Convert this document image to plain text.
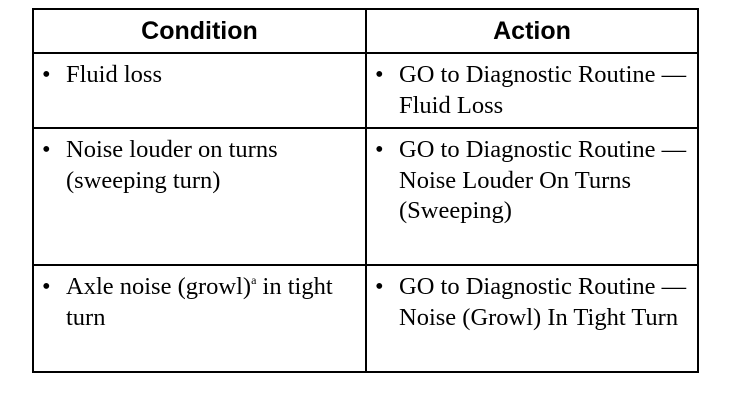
Condition	Action

• Fluid loss	• GO to Diagnostic Routine — Fluid Loss

• Noise louder on turns (sweeping turn)	• GO to Diagnostic Routine — Noise Louder On Turns (Sweeping)

• Axle noise (growl)$^a$ in tight turn	• GO to Diagnostic Routine — Noise (Growl) In Tight Turn
